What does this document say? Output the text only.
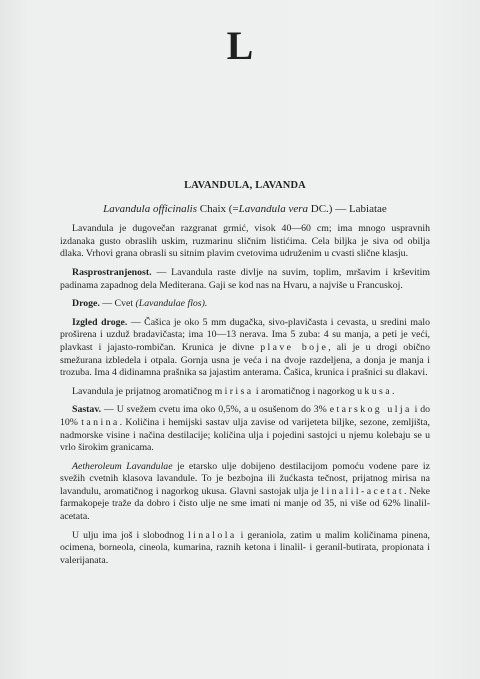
L
LAVANDULA, LAVANDA
Lavandula officinalis Chaix (=Lavandula vera DC.) — Labiatae

Lavandula je dugovečan razgranat grmić, visok 40—60 cm; ima mnogo uspravnih izdanaka gusto obraslih uskim, ruzmarinu sličnim listićima. Cela biljka je siva od obilja dlaka. Vrhovi grana obrasli su sitnim plavim cvetovima udruženim u cvasti slične klasju.

Rasprostranjenost. — Lavandula raste divlje na suvim, toplim, mršavim i krševitim padinama zapadnog dela Mediterana. Gaji se kod nas na Hvaru, a najviše u Francuskoj.

Droge. — Cvet (Lavandulae flos).

Izgled droge. — Čašica je oko 5 mm dugačka, sivo-plavičasta i cevasta, u sredini malo proširena i uzduž bradavičasta; ima 10—13 nerava. Ima 5 zuba: 4 su manja, a peti je veći, plavkast i jajasto-rombičan. Krunica je divne plave boje, ali je u drogi obično smežurana izbledela i otpala. Gornja usna je veća i na dvoje razdeljena, a donja je manja i trozuba. Ima 4 didinamna prašnika sa jajastim anterama. Čašica, krunica i prašnici su dlakavi.

Lavandula je prijatnog aromatičnog mirisa i aromatičnog i nagorkog ukusa.

Sastav. — U svežem cvetu ima oko 0,5%, a u osušenom do 3% etarskog ulja i do 10% tanina. Količina i hemijski sastav ulja zavise od varijeteta biljke, sezone, zemljišta, nadmorske visine i načina destilacije; količina ulja i pojedini sastojci u njemu kolebaju se u vrlo širokim granicama.

Aetheroleum Lavandulae je etarsko ulje dobijeno destilacijom pomoću vodene pare iz svežih cvetnih klasova lavandule. To je bezbojna ili žućkasta tečnost, prijatnog mirisa na lavandulu, aromatičnog i nagorkog ukusa. Glavni sastojak ulja je linalil-acetat. Neke farmakopeje traže da dobro i čisto ulje ne sme imati ni manje od 35, ni više od 62% linalil-acetata.

U ulju ima još i slobodnog linalola i geraniola, zatim u malim količinama pinena, ocimena, borneola, cineola, kumarina, raznih ketona i linalil- i geranil-butirata, propionata i valerijanata.
